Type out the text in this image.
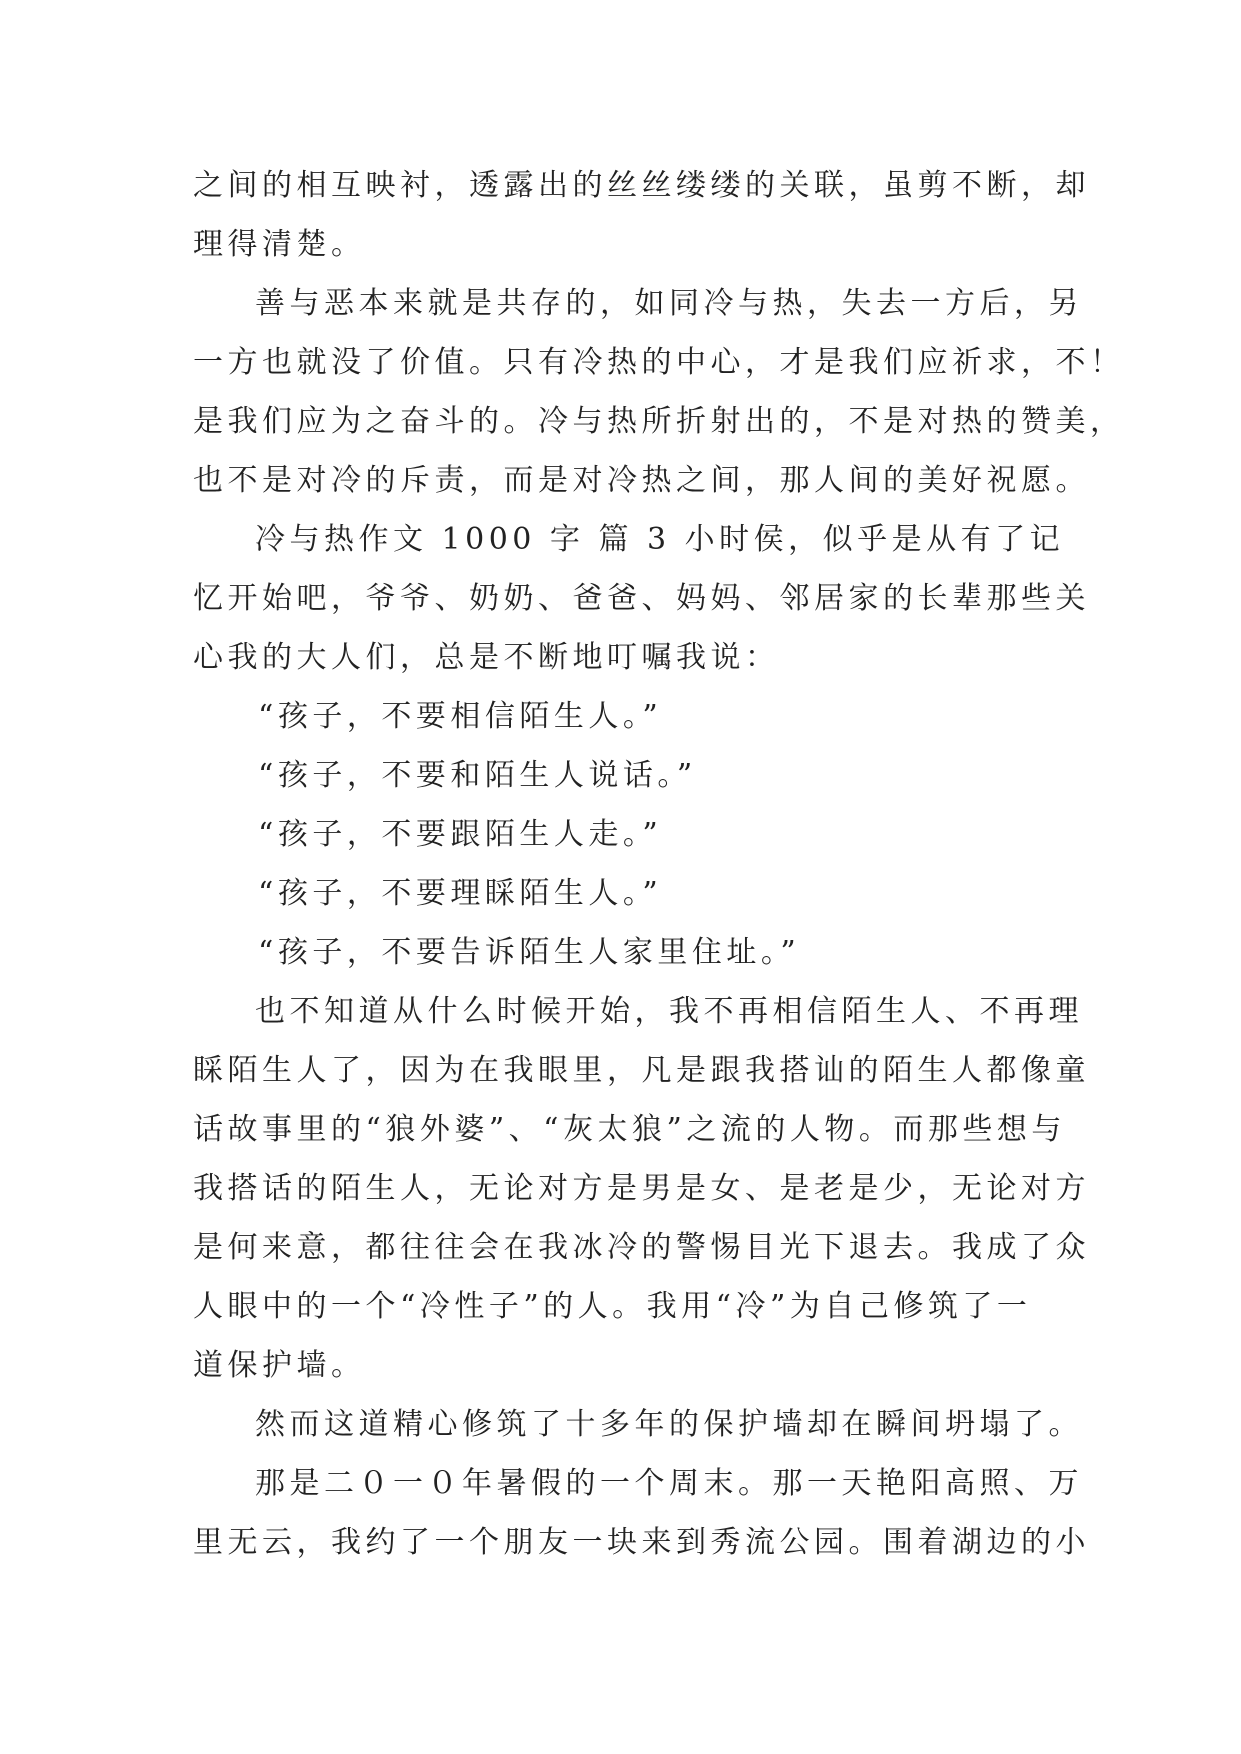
之间的相互映衬，透露出的丝丝缕缕的关联，虽剪不断，却
理得清楚。
善与恶本来就是共存的，如同冷与热，失去一方后，另
一方也就没了价值。只有冷热的中心，才是我们应祈求，不！
是我们应为之奋斗的。冷与热所折射出的，不是对热的赞美，
也不是对冷的斥责，而是对冷热之间，那人间的美好祝愿。
冷与热作文 1000 字 篇 3 小时侯，似乎是从有了记
忆开始吧，爷爷、奶奶、爸爸、妈妈、邻居家的长辈那些关
心我的大人们，总是不断地叮嘱我说：
“孩子，不要相信陌生人。”
“孩子，不要和陌生人说话。”
“孩子，不要跟陌生人走。”
“孩子，不要理睬陌生人。”
“孩子，不要告诉陌生人家里住址。”
也不知道从什么时候开始，我不再相信陌生人、不再理
睬陌生人了，因为在我眼里，凡是跟我搭讪的陌生人都像童
话故事里的“狼外婆”、“灰太狼”之流的人物。而那些想与
我搭话的陌生人，无论对方是男是女、是老是少，无论对方
是何来意，都往往会在我冰冷的警惕目光下退去。我成了众
人眼中的一个“冷性子”的人。我用“冷”为自己修筑了一
道保护墙。
然而这道精心修筑了十多年的保护墙却在瞬间坍塌了。
那是二０一０年暑假的一个周末。那一天艳阳高照、万
里无云，我约了一个朋友一块来到秀流公园。围着湖边的小
